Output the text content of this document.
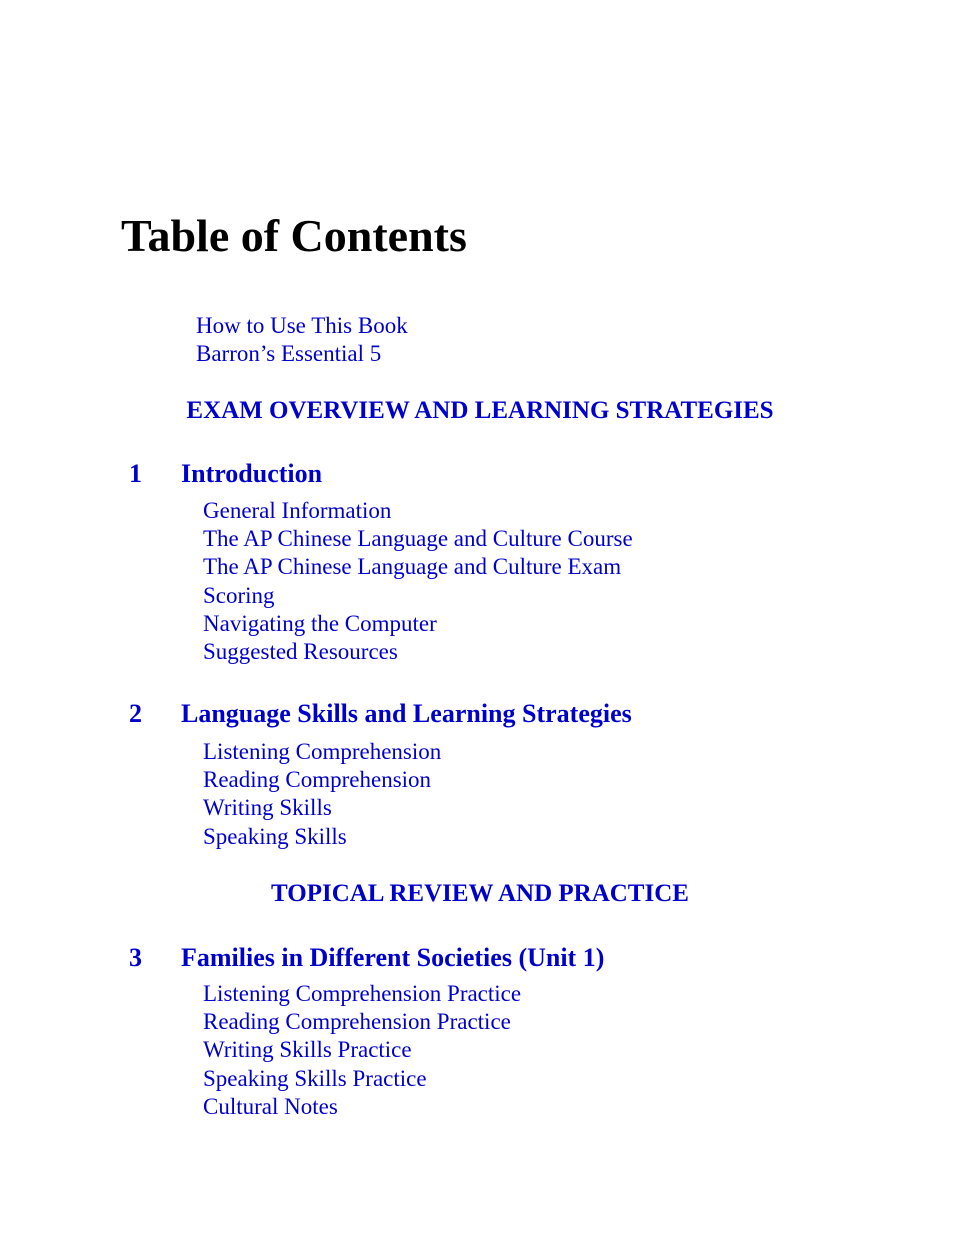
Table of Contents
How to Use This Book
Barron’s Essential 5
EXAM OVERVIEW AND LEARNING STRATEGIES
1 Introduction
General Information
The AP Chinese Language and Culture Course
The AP Chinese Language and Culture Exam
Scoring
Navigating the Computer
Suggested Resources
2 Language Skills and Learning Strategies
Listening Comprehension
Reading Comprehension
Writing Skills
Speaking Skills
TOPICAL REVIEW AND PRACTICE
3 Families in Different Societies (Unit 1)
Listening Comprehension Practice
Reading Comprehension Practice
Writing Skills Practice
Speaking Skills Practice
Cultural Notes
